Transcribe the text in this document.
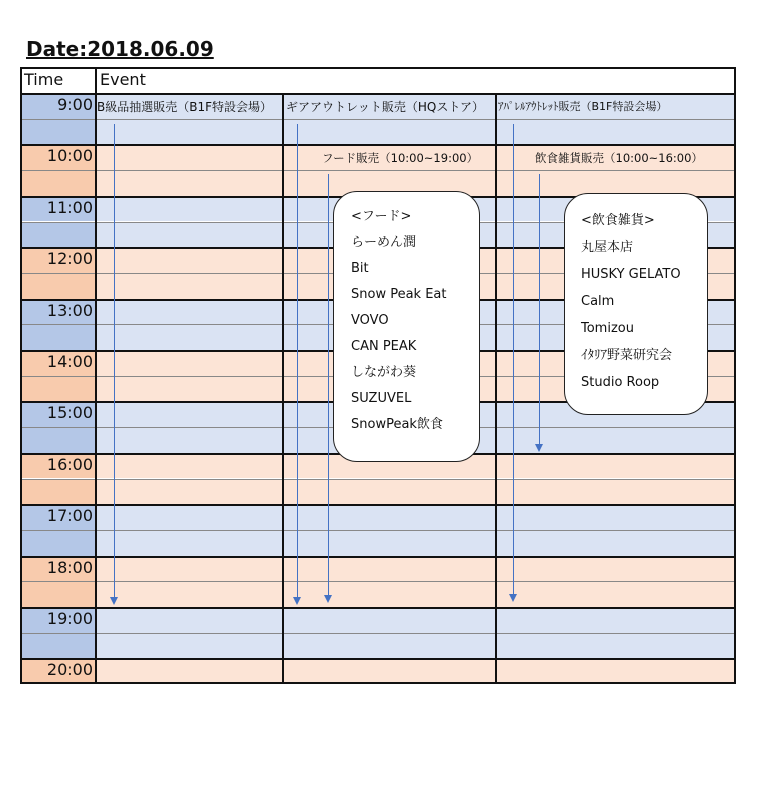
Date:2018.06.09
Time	Event
9:00
10:00
11:00
12:00
13:00
14:00
15:00
16:00
17:00
18:00
19:00
20:00
B級品抽選販売（B1F特設会場） ギアアウトレット販売（HQストア） ｱﾊﾟﾚﾙｱｳﾄﾚｯﾄ販売（B1F特設会場）
フード販売（10:00~19:00）	飲食雑貨販売（10:00~16:00）
<フード>
らーめん潤
Bit
Snow Peak Eat
VOVO
CAN PEAK
しながわ葵
SUZUVEL
SnowPeak飲食
<飲食雑貨>
丸屋本店
HUSKY GELATO
Calm
Tomizou
ｲﾀﾘｱ野菜研究会
Studio Roop
